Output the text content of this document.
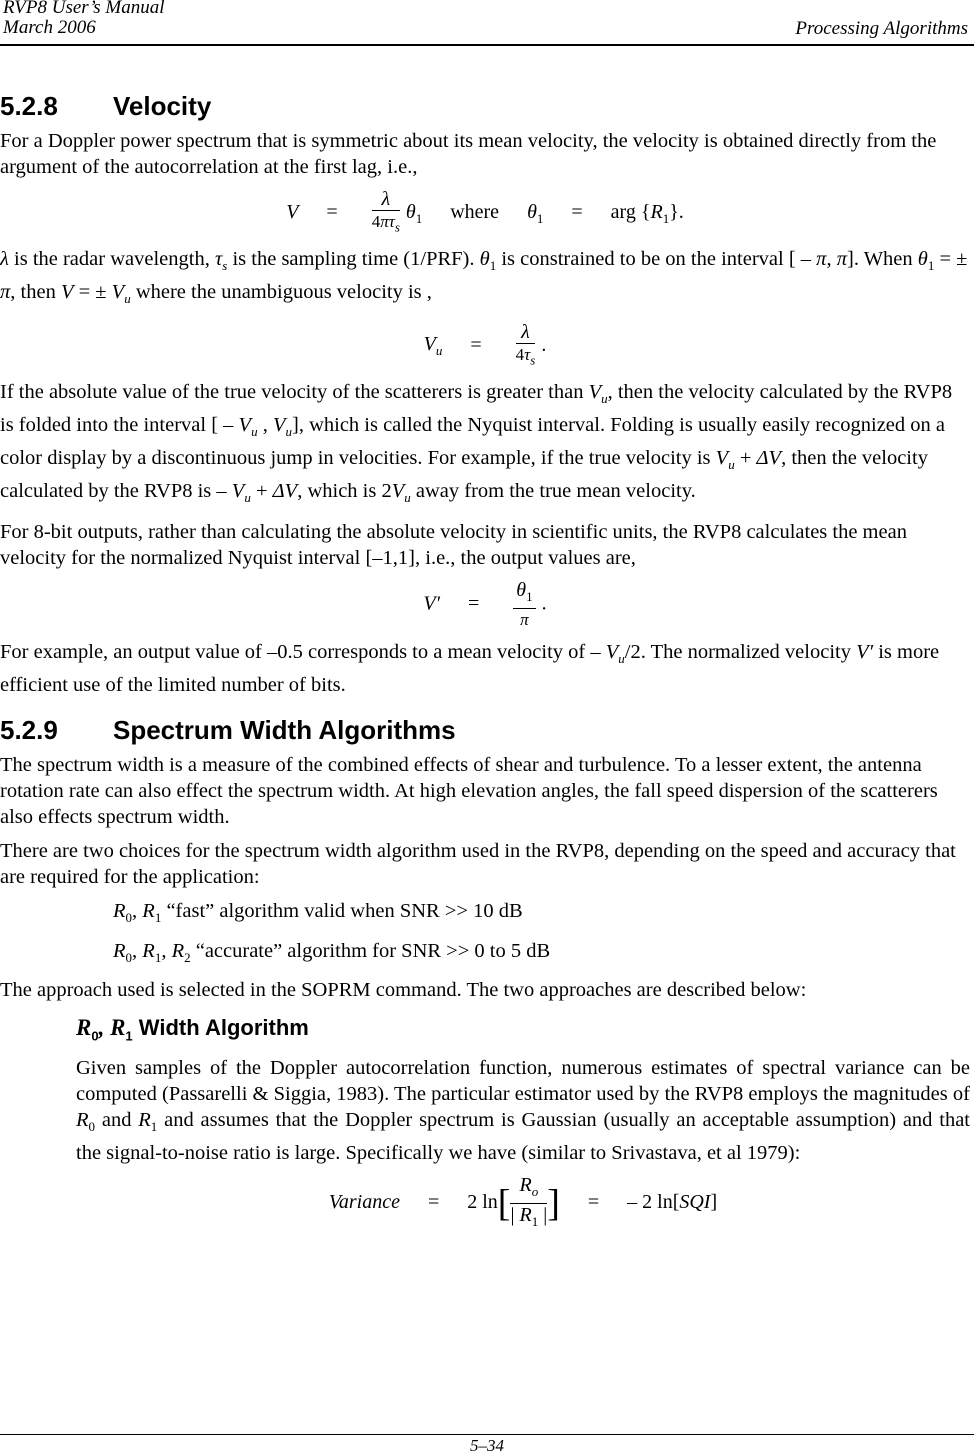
RVP8 User’s Manual
March 2006	Processing Algorithms
5.2.8 Velocity

For a Doppler power spectrum that is symmetric about its mean velocity, the velocity is obtained directly from the argument of the autocorrelation at the first lag, i.e.,

$V = \frac{\lambda}{4\pi\tau_s} \theta_1$ where $\theta_1$ = arg $\{R_1\}$.

λ is the radar wavelength, $\tau_s$ is the sampling time (1/PRF). $\theta_1$ is constrained to be on the interval [ – π, π]. When $\theta_1$ = ± π, then V = ± $V_u$ where the unambiguous velocity is ,

$V_u = \frac{\lambda}{4\tau_s}$ .

If the absolute value of the true velocity of the scatterers is greater than $V_u$, then the velocity calculated by the RVP8 is folded into the interval [ – $V_u$ , $V_u$], which is called the Nyquist interval. Folding is usually easily recognized on a color display by a discontinuous jump in velocities. For example, if the true velocity is $V_u + \Delta V$, then the velocity calculated by the RVP8 is – $V_u + \Delta V$, which is $2V_u$ away from the true mean velocity.

For 8-bit outputs, rather than calculating the absolute velocity in scientific units, the RVP8 calculates the mean velocity for the normalized Nyquist interval [–1,1], i.e., the output values are,

$V' = \frac{\theta_1}{\pi}$ .

For example, an output value of –0.5 corresponds to a mean velocity of – $V_u/2$. The normalized velocity V′ is more efficient use of the limited number of bits.

5.2.9 Spectrum Width Algorithms

The spectrum width is a measure of the combined effects of shear and turbulence. To a lesser extent, the antenna rotation rate can also effect the spectrum width. At high elevation angles, the fall speed dispersion of the scatterers also effects spectrum width.

There are two choices for the spectrum width algorithm used in the RVP8, depending on the speed and accuracy that are required for the application:

$R_0$, $R_1$ “fast” algorithm valid when SNR >> 10 dB
$R_0$, $R_1$, $R_2$ “accurate” algorithm for SNR >> 0 to 5 dB

The approach used is selected in the SOPRM command. The two approaches are described below:

$R_0$, $R_1$ Width Algorithm

Given samples of the Doppler autocorrelation function, numerous estimates of spectral variance can be computed (Passarelli & Siggia, 1983). The particular estimator used by the RVP8 employs the magnitudes of $R_0$ and $R_1$ and assumes that the Doppler spectrum is Gaussian (usually an acceptable assumption) and that the signal-to-noise ratio is large. Specifically we have (similar to Srivastava, et al 1979):

Variance = 2 $\ln[ \frac{R_o}{| R_1 |}$ ] = – 2 ln[SQI]
5–34
